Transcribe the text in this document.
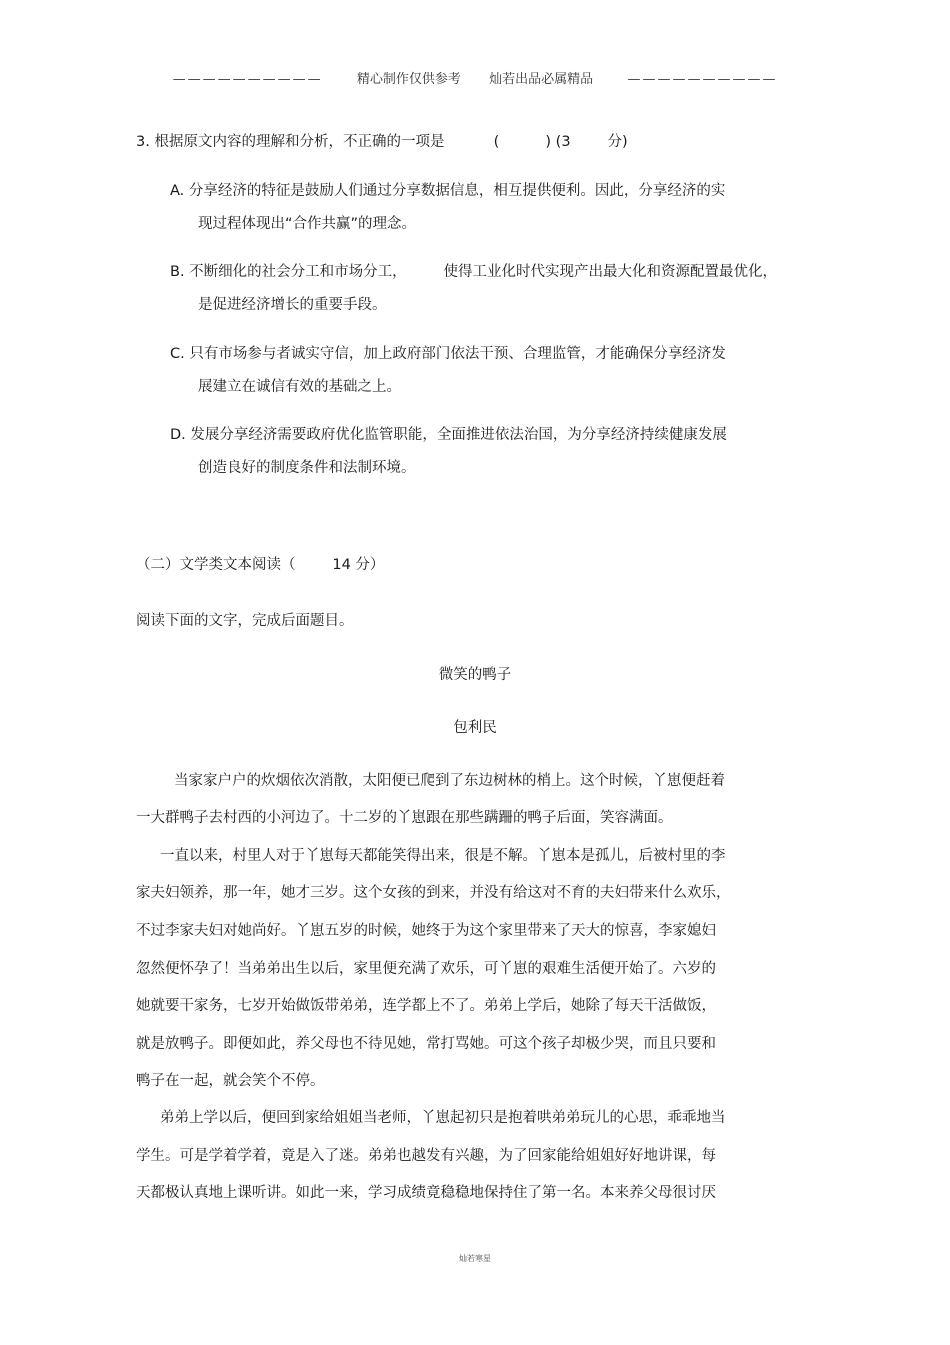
——————————	精心制作仅供参考 灿若出品必属精品	——————————
3. 根据原文内容的理解和分析，不正确的一项是	(          ) (3        分)
A. 分享经济的特征是鼓励人们通过分享数据信息，相互提供便利。因此，分享经济的实
现过程体现出“合作共赢”的理念。
B. 不断细化的社会分工和市场分工，        使得工业化时代实现产出最大化和资源配置最优化，
是促进经济增长的重要手段。
C. 只有市场参与者诚实守信，加上政府部门依法干预、合理监管，才能确保分享经济发
展建立在诚信有效的基础之上。
D. 发展分享经济需要政府优化监管职能，全面推进依法治国，为分享经济持续健康发展
创造良好的制度条件和法制环境。
（二）文学类文本阅读（        14 分）
阅读下面的文字，完成后面题目。
微笑的鸭子
包利民
当家家户户的炊烟依次消散，太阳便已爬到了东边树林的梢上。这个时候，丫崽便赶着
一大群鸭子去村西的小河边了。十二岁的丫崽跟在那些蹒跚的鸭子后面，笑容满面。
一直以来，村里人对于丫崽每天都能笑得出来，很是不解。丫崽本是孤儿，后被村里的李
家夫妇领养，那一年，她才三岁。这个女孩的到来，并没有给这对不育的夫妇带来什么欢乐，
不过李家夫妇对她尚好。丫崽五岁的时候，她终于为这个家里带来了天大的惊喜，李家媳妇
忽然便怀孕了！当弟弟出生以后，家里便充满了欢乐，可丫崽的艰难生活便开始了。六岁的
她就要干家务，七岁开始做饭带弟弟，连学都上不了。弟弟上学后，她除了每天干活做饭，
就是放鸭子。即便如此，养父母也不待见她，常打骂她。可这个孩子却极少哭，而且只要和
鸭子在一起，就会笑个不停。
弟弟上学以后，便回到家给姐姐当老师，丫崽起初只是抱着哄弟弟玩儿的心思，乖乖地当
学生。可是学着学着，竟是入了迷。弟弟也越发有兴趣，为了回家能给姐姐好好地讲课，每
天都极认真地上课听讲。如此一来，学习成绩竟稳稳地保持住了第一名。本来养父母很讨厌
灿若寒星
